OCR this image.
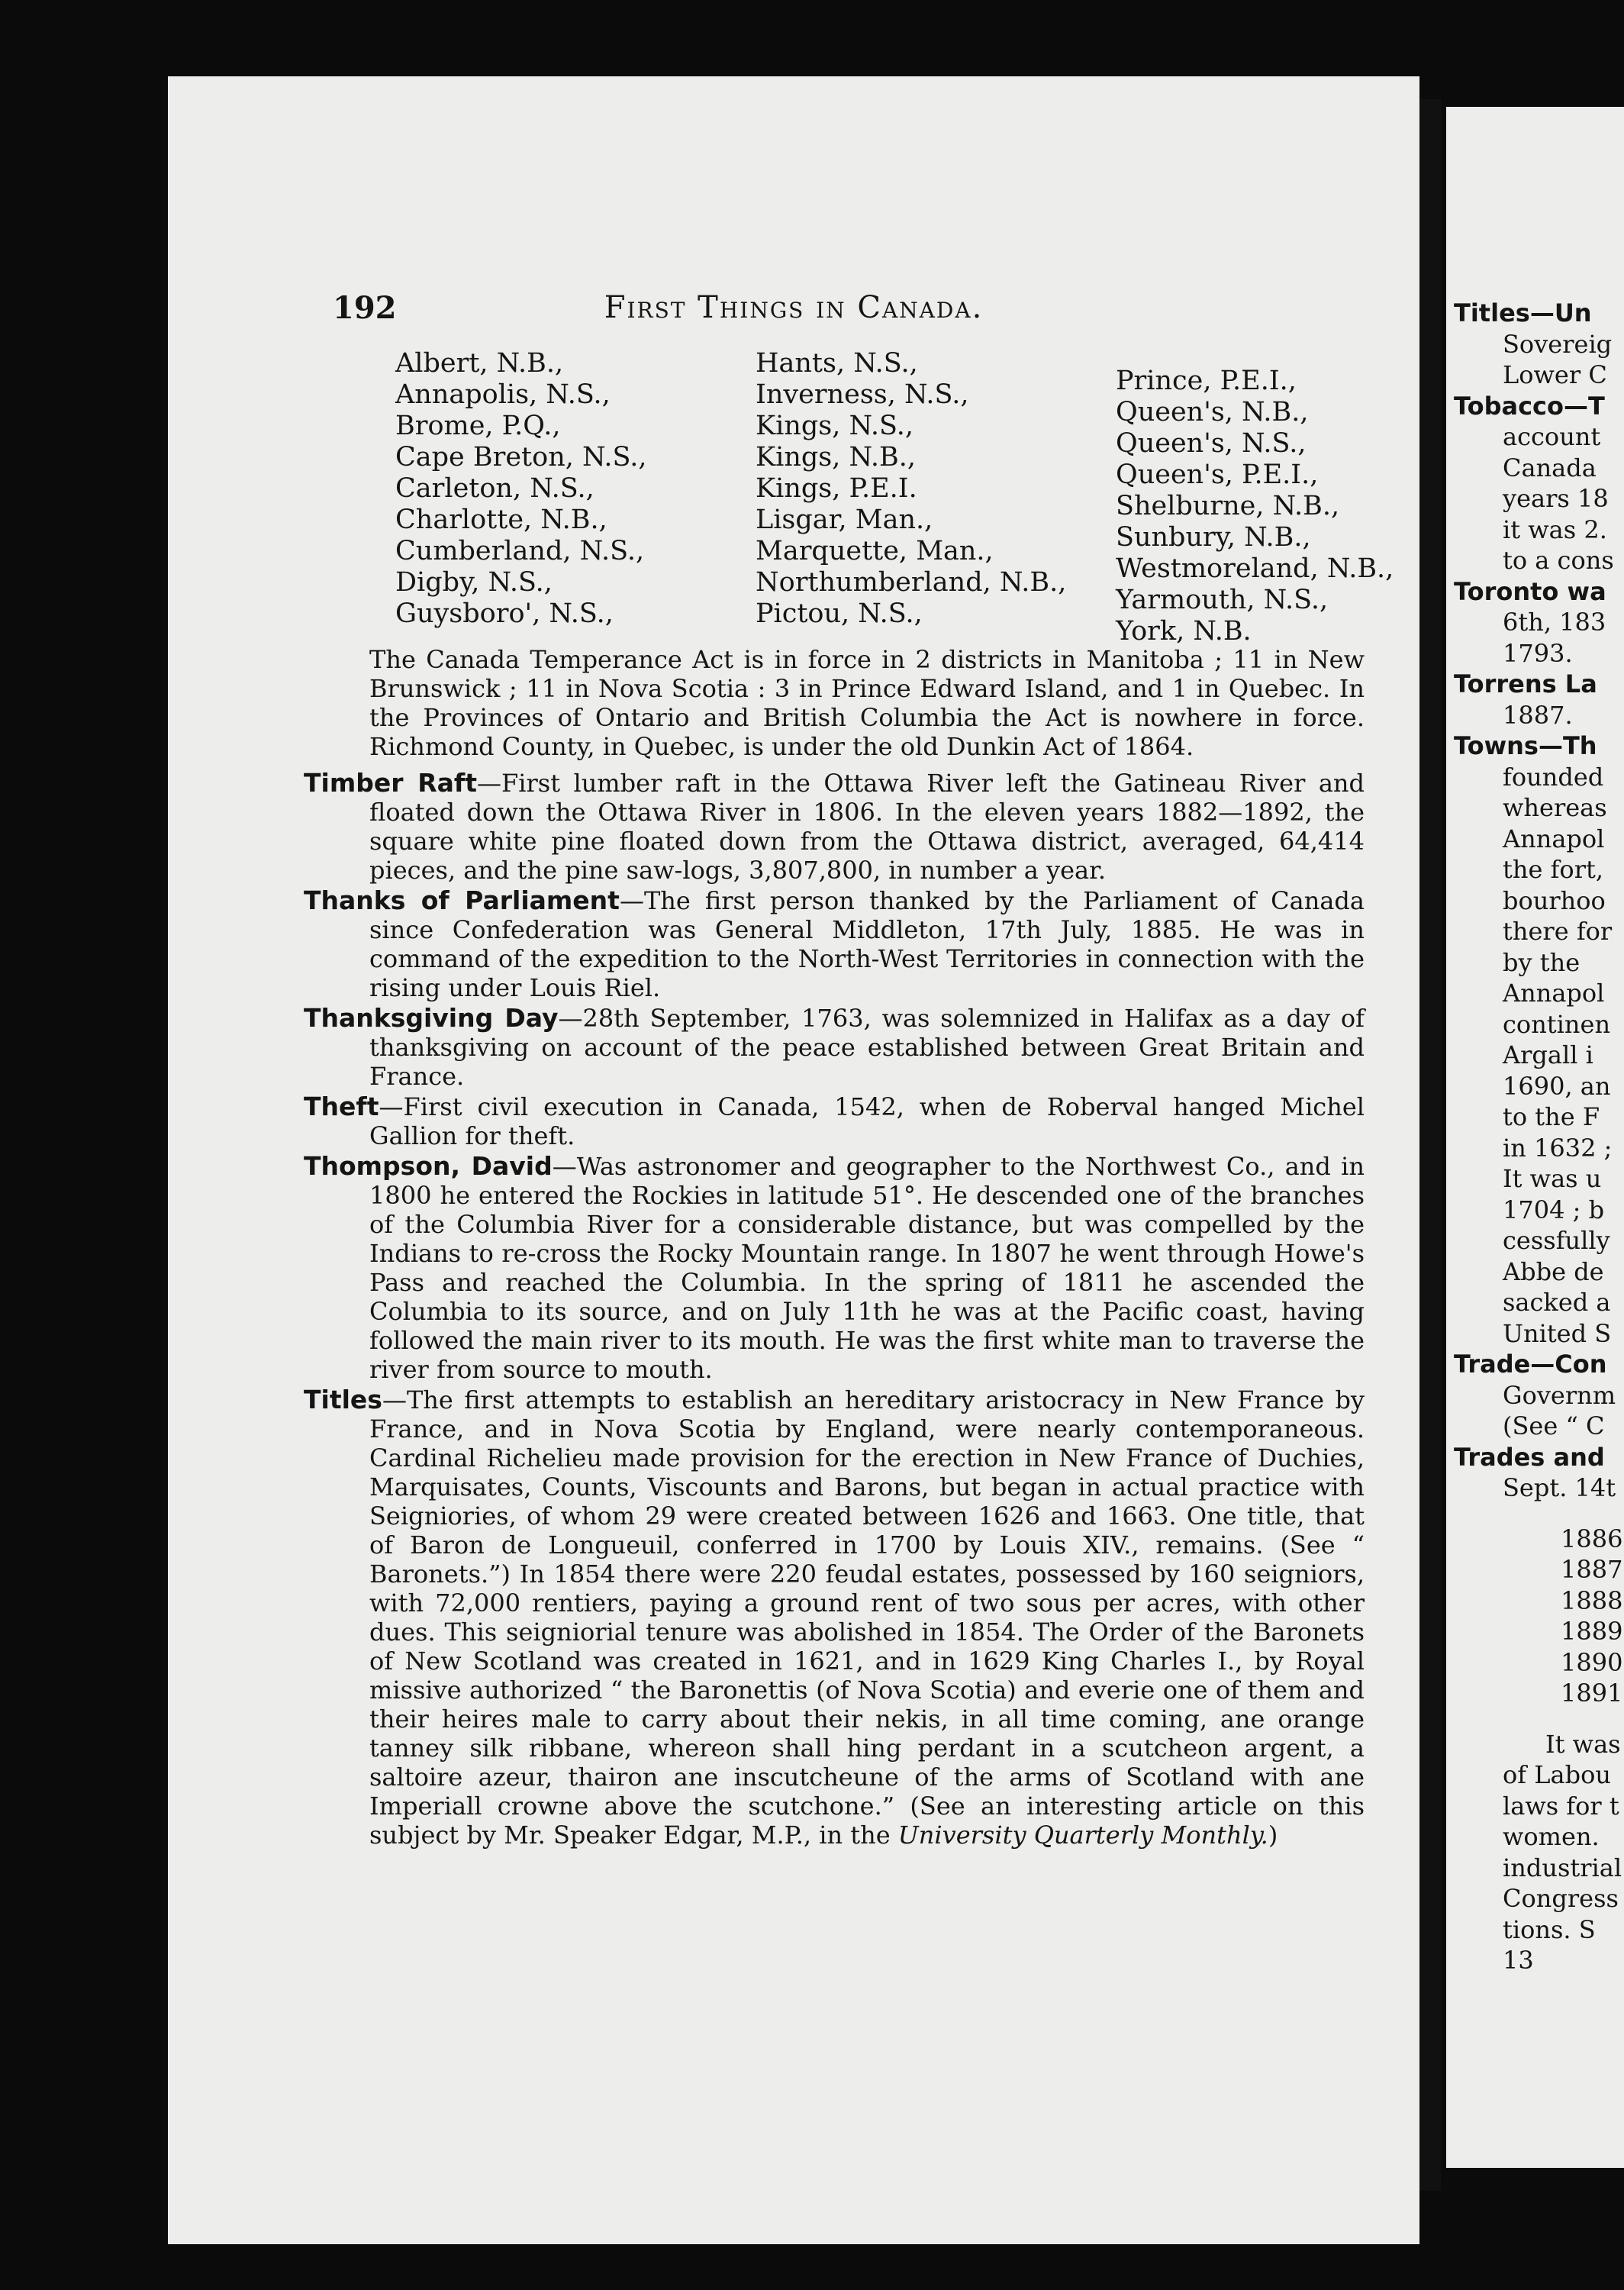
192	First Things in Canada.
Albert, N.B.,
Annapolis, N.S.,
Brome, P.Q.,
Cape Breton, N.S.,
Carleton, N.S.,
Charlotte, N.B.,
Cumberland, N.S.,
Digby, N.S.,
Guysboro', N.S.,
Hants, N.S.,
Inverness, N.S.,
Kings, N.S.,
Kings, N.B.,
Kings, P.E.I.
Lisgar, Man.,
Marquette, Man.,
Northumberland, N.B.,
Pictou, N.S.,
Prince, P.E.I.,
Queen's, N.B.,
Queen's, N.S.,
Queen's, P.E.I.,
Shelburne, N.B.,
Sunbury, N.B.,
Westmoreland, N.B.,
Yarmouth, N.S.,
York, N.B.

The Canada Temperance Act is in force in 2 districts in Manitoba ; 11 in New Brunswick ; 11 in Nova Scotia : 3 in Prince Edward Island, and 1 in Quebec. In the Provinces of Ontario and British Columbia the Act is nowhere in force. Richmond County, in Quebec, is under the old Dunkin Act of 1864.

Timber Raft—First lumber raft in the Ottawa River left the Gatineau River and floated down the Ottawa River in 1806. In the eleven years 1882—1892, the square white pine floated down from the Ottawa district, averaged, 64,414 pieces, and the pine saw-logs, 3,807,800, in number a year.

Thanks of Parliament—The first person thanked by the Parliament of Canada since Confederation was General Middleton, 17th July, 1885. He was in command of the expedition to the North-West Territories in connection with the rising under Louis Riel.

Thanksgiving Day—28th September, 1763, was solemnized in Halifax as a day of thanksgiving on account of the peace established between Great Britain and France.

Theft—First civil execution in Canada, 1542, when de Roberval hanged Michel Gallion for theft.

Thompson, David—Was astronomer and geographer to the Northwest Co., and in 1800 he entered the Rockies in latitude 51°. He descended one of the branches of the Columbia River for a considerable distance, but was compelled by the Indians to re-cross the Rocky Mountain range. In 1807 he went through Howe's Pass and reached the Columbia. In the spring of 1811 he ascended the Columbia to its source, and on July 11th he was at the Pacific coast, having followed the main river to its mouth. He was the first white man to traverse the river from source to mouth.

Titles—The first attempts to establish an hereditary aristocracy in New France by France, and in Nova Scotia by England, were nearly contemporaneous. Cardinal Richelieu made provision for the erection in New France of Duchies, Marquisates, Counts, Viscounts and Barons, but began in actual practice with Seigniories, of whom 29 were created between 1626 and 1663. One title, that of Baron de Longueuil, conferred in 1700 by Louis XIV., remains. (See “ Baronets.”) In 1854 there were 220 feudal estates, possessed by 160 seigniors, with 72,000 rentiers, paying a ground rent of two sous per acres, with other dues. This seigniorial tenure was abolished in 1854. The Order of the Baronets of New Scotland was created in 1621, and in 1629 King Charles I., by Royal missive authorized “ the Baronettis (of Nova Scotia) and everie one of them and their heires male to carry about their nekis, in all time coming, ane orange tanney silk ribbane, whereon shall hing perdant in a scutcheon argent, a saltoire azeur, thairon ane inscutcheune of the arms of Scotland with ane Imperiall crowne above the scutchone.” (See an interesting article on this subject by Mr. Speaker Edgar, M.P., in the University Quarterly Monthly.)

Titles—Un
Sovereig
Lower C
Tobacco—T
account
Canada
years 18
it was 2.
to a cons
Toronto wa
6th, 183
1793.
Torrens La
1887.
Towns—Th
founded
whereas
Annapol
the fort,
bourhoo
there for
by the
Annapol
continen
Argall i
1690, an
to the F
in 1632 ;
It was u
1704 ; b
cessfully
Abbe de
sacked a
United S
Trade—Con
Governm
(See “ C
Trades and
Sept. 14t
1886
1887
1888
1889
1890
1891
It was
of Labou
laws for t
women.
industrial
Congress
tions. S
13
